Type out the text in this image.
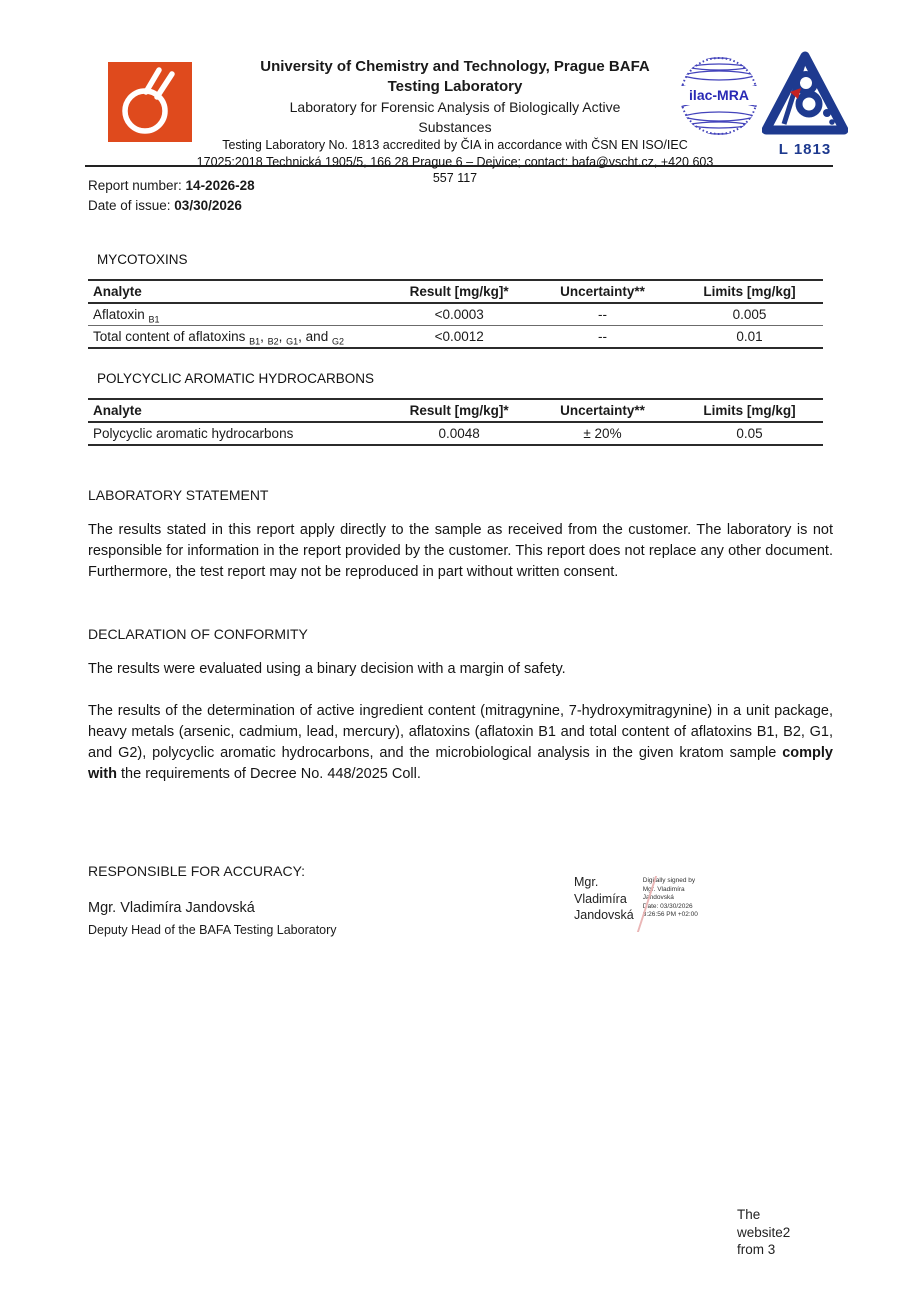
University of Chemistry and Technology, Prague BAFA
Testing Laboratory
Laboratory for Forensic Analysis of Biologically Active
Substances
Testing Laboratory No. 1813 accredited by ČIA in accordance with ČSN EN ISO/IEC
17025:2018 Technická 1905/5, 166 28 Prague 6 – Dejvice; contact: bafa@vscht.cz, +420 603
557 117
ilac-MRA
L 1813
Report number: 14-2026-28
Date of issue: 03/30/2026
MYCOTOXINS
Analyte	Result [mg/kg]*	Uncertainty**	Limits [mg/kg]
Aflatoxin $_{B1}$	<0.0003	--	0.005
Total content of aflatoxins $_{B1}$, $_{B2}$, $_{G1}$, and $_{G2}$	<0.0012	--	0.01
POLYCYCLIC AROMATIC HYDROCARBONS
Analyte	Result [mg/kg]*	Uncertainty**	Limits [mg/kg]
Polycyclic aromatic hydrocarbons	0.0048	± 20%	0.05
LABORATORY STATEMENT
The results stated in this report apply directly to the sample as received from the customer. The laboratory is not responsible for information in the report provided by the customer. This report does not replace any other document. Furthermore, the test report may not be reproduced in part without written consent.
DECLARATION OF CONFORMITY
The results were evaluated using a binary decision with a margin of safety.
The results of the determination of active ingredient content (mitragynine, 7-hydroxymitragynine) in a unit package, heavy metals (arsenic, cadmium, lead, mercury), aflatoxins (aflatoxin B1 and total content of aflatoxins B1, B2, G1, and G2), polycyclic aromatic hydrocarbons, and the microbiological analysis in the given kratom sample comply with the requirements of Decree No. 448/2025 Coll.
RESPONSIBLE FOR ACCURACY:
Mgr. Vladimíra Jandovská
Deputy Head of the BAFA Testing Laboratory
Mgr.
Vladimíra
Jandovská
Digitally signed by
Mgr. Vladimíra
Jandovská
Date: 03/30/2026
3:26:56 PM +02:00
The
website2
from 3
